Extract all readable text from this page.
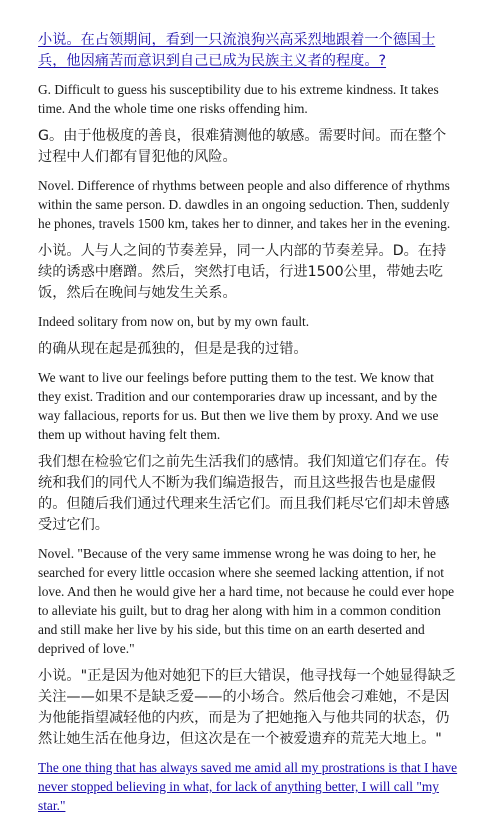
小说。在占领期间，看到一只流浪狗兴高采烈地跟着一个德国士兵，他因痛苦而意识到自己已成为民族主义者的程度。?

G. Difficult to guess his susceptibility due to his extreme kindness. It takes time. And the whole time one risks offending him.

G。由于他极度的善良，很难猜测他的敏感。需要时间。而在整个过程中人们都有冒犯他的风险。

Novel. Difference of rhythms between people and also difference of rhythms within the same person. D. dawdles in an ongoing seduction. Then, suddenly he phones, travels 1500 km, takes her to dinner, and takes her in the evening.

小说。人与人之间的节奏差异，同一人内部的节奏差异。D。在持续的诱惑中磨蹭。然后，突然打电话，行进1500公里，带她去吃饭，然后在晚间与她发生关系。

Indeed solitary from now on, but by my own fault.

的确从现在起是孤独的，但是是我的过错。

We want to live our feelings before putting them to the test. We know that they exist. Tradition and our contemporaries draw up incessant, and by the way fallacious, reports for us. But then we live them by proxy. And we use them up without having felt them.

我们想在检验它们之前先生活我们的感情。我们知道它们存在。传统和我们的同代人不断为我们编造报告，而且这些报告也是虚假的。但随后我们通过代理来生活它们。而且我们耗尽它们却未曾感受过它们。

Novel. "Because of the very same immense wrong he was doing to her, he searched for every little occasion where she seemed lacking attention, if not love. And then he would give her a hard time, not because he could ever hope to alleviate his guilt, but to drag her along with him in a common condition and still make her live by his side, but this time on an earth deserted and deprived of love."

小说。"正是因为他对她犯下的巨大错误，他寻找每一个她显得缺乏关注——如果不是缺乏爱——的小场合。然后他会刁难她，不是因为他能指望减轻他的内疚，而是为了把她拖入与他共同的状态，仍然让她生活在他身边，但这次是在一个被爱遗弃的荒芜大地上。"

The one thing that has always saved me amid all my prostrations is that I have never stopped believing in what, for lack of anything better, I will call "my star."
